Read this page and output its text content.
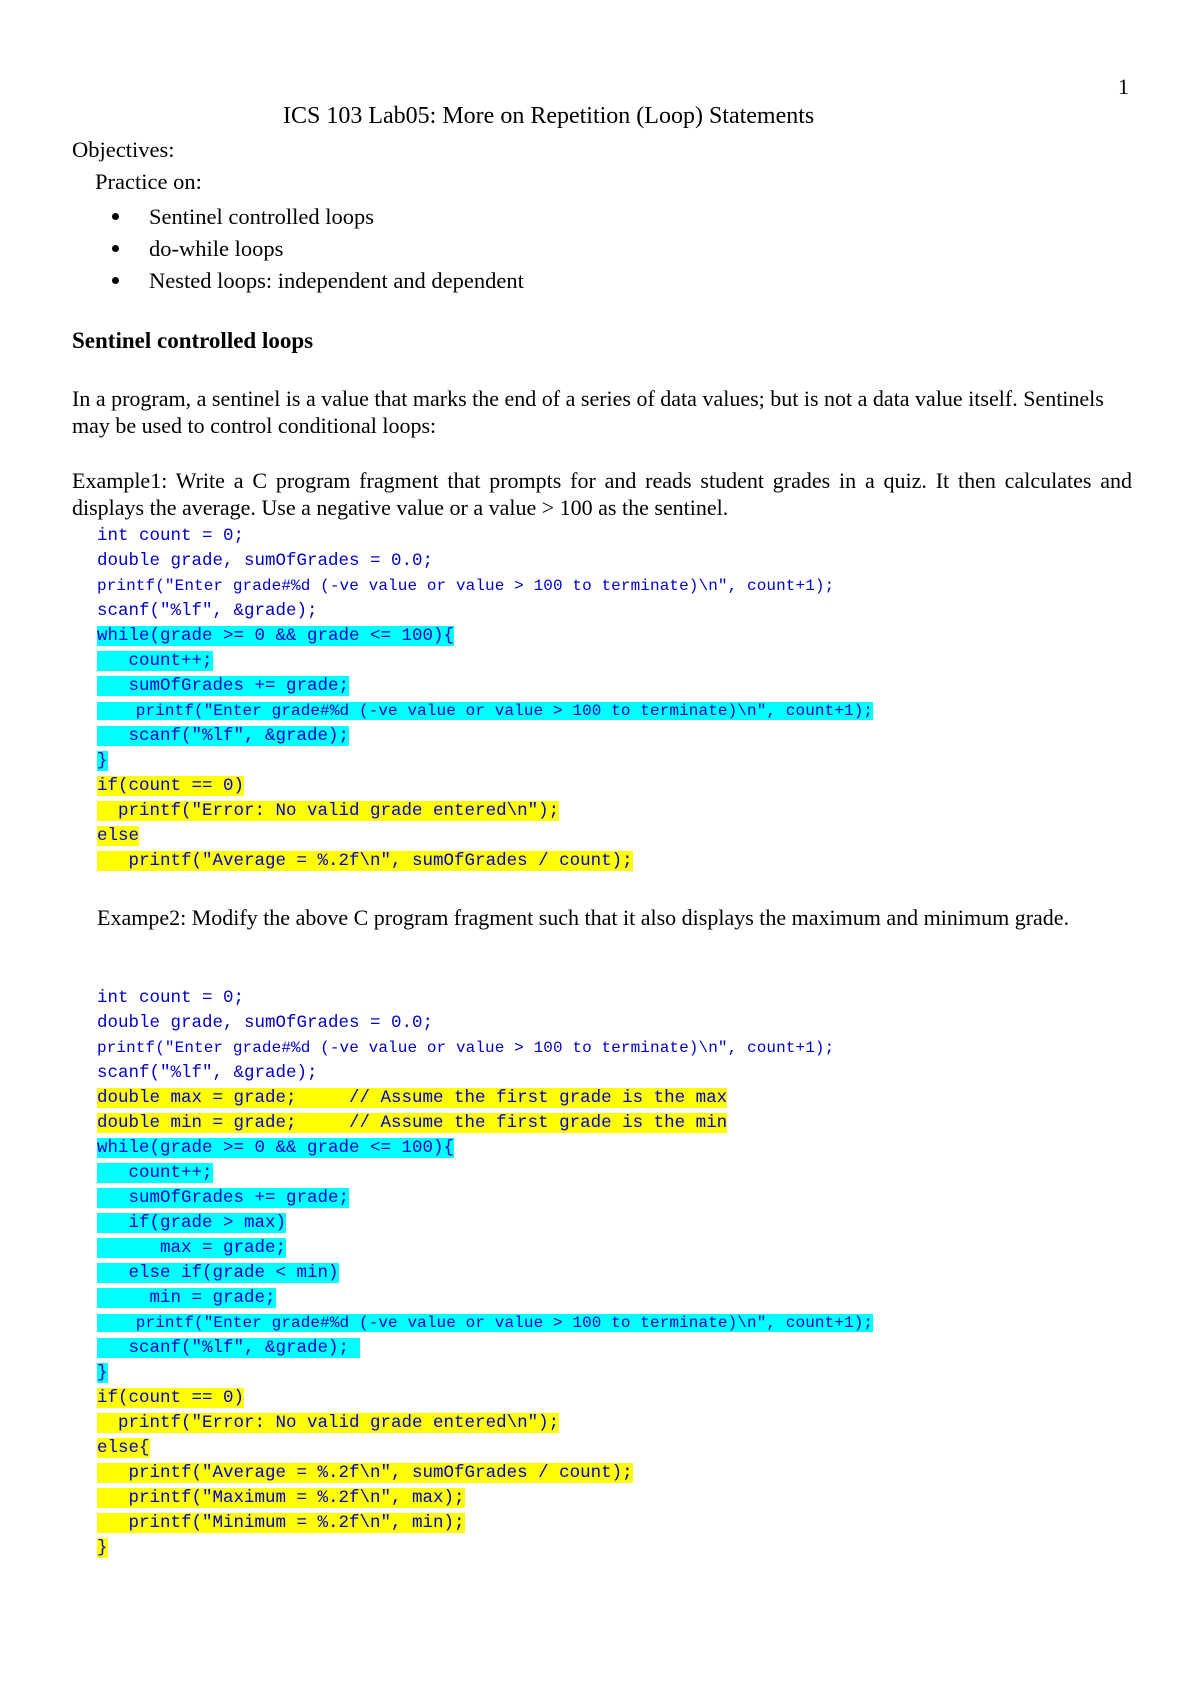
1
ICS 103 Lab05: More on Repetition (Loop) Statements
Objectives:
Practice on:
Sentinel controlled loops
do-while loops
Nested loops: independent and dependent
Sentinel controlled loops
In a program, a sentinel is a value that marks the end of a series of data values; but is not a data value itself. Sentinels may be used to control conditional loops:
Example1: Write a C program fragment that prompts for and reads student grades in a quiz. It then calculates and displays the average. Use a negative value or a value > 100 as the sentinel.
int count = 0;
double grade, sumOfGrades = 0.0;
printf("Enter grade#%d (-ve value or value > 100 to terminate)\n", count+1);
scanf("%lf", &grade);
while(grade >= 0 && grade <= 100){
count++;
sumOfGrades += grade;
printf("Enter grade#%d (-ve value or value > 100 to terminate)\n", count+1);
scanf("%lf", &grade);
}
if(count == 0)
printf("Error: No valid grade entered\n");
else
printf("Average = %.2f\n", sumOfGrades / count);
Exampe2: Modify the above C program fragment such that it also displays the maximum and minimum grade.
int count = 0;
double grade, sumOfGrades = 0.0;
printf("Enter grade#%d (-ve value or value > 100 to terminate)\n", count+1);
scanf("%lf", &grade);
double max = grade;     // Assume the first grade is the max
double min = grade;     // Assume the first grade is the min
while(grade >= 0 && grade <= 100){
count++;
sumOfGrades += grade;
if(grade > max)
max = grade;
else if(grade < min)
min = grade;
printf("Enter grade#%d (-ve value or value > 100 to terminate)\n", count+1);
scanf("%lf", &grade);
}
if(count == 0)
printf("Error: No valid grade entered\n");
else{
printf("Average = %.2f\n", sumOfGrades / count);
printf("Maximum = %.2f\n", max);
printf("Minimum = %.2f\n", min);
}
